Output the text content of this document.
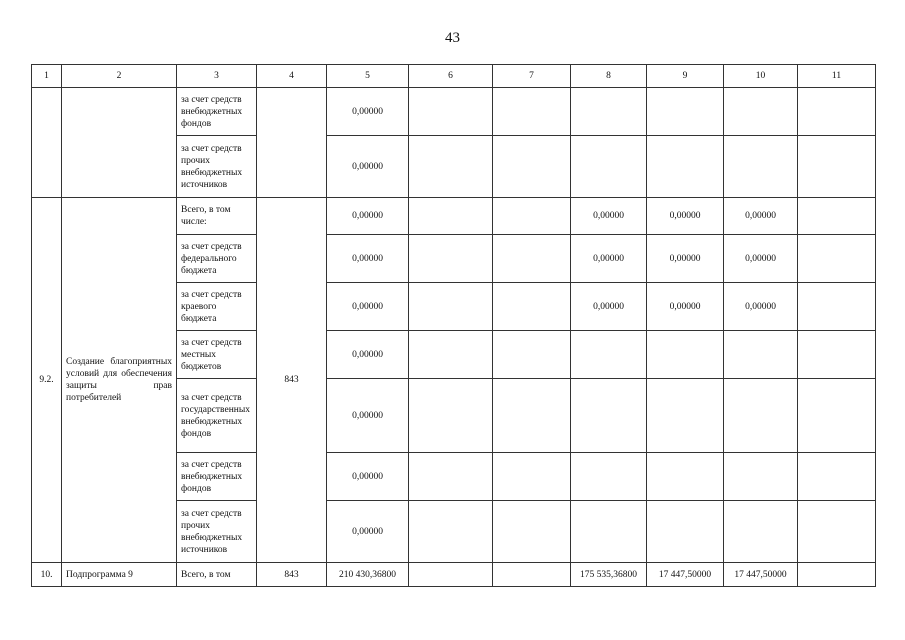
43
1	2	3	4	5	6	7	8	9	10	11
		за счет средств внебюджетных фондов		0,00000						
		за счет средств прочих внебюджетных источников		0,00000						
9.2.	Создание благоприятных условий для обеспечения защиты прав потребителей	Всего, в том числе:	843	0,00000			0,00000	0,00000	0,00000	
		за счет средств федерального бюджета		0,00000			0,00000	0,00000	0,00000	
		за счет средств краевого бюджета		0,00000			0,00000	0,00000	0,00000	
		за счет средств местных бюджетов		0,00000						
		за счет средств государственных внебюджетных фондов		0,00000						
		за счет средств внебюджетных фондов		0,00000						
		за счет средств прочих внебюджетных источников		0,00000						
10.	Подпрограмма 9	Всего, в том	843	210 430,36800			175 535,36800	17 447,50000	17 447,50000	
